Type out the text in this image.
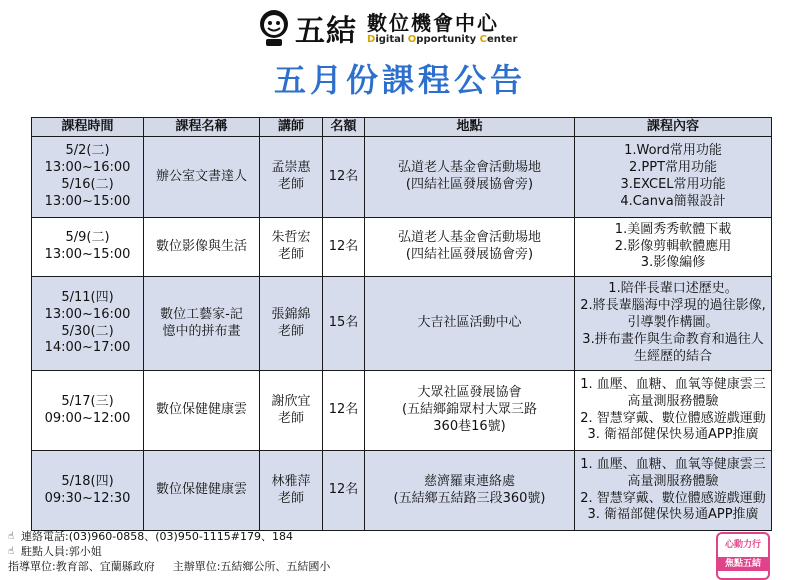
五結 數位機會中心
Digital Opportunity Center
五月份課程公告
課程時間	課程名稱	講師	名額	地點	課程內容

5/2(二)
13:00~16:00
5/16(二)
13:00~15:00	辦公室文書達人	孟崇惠
老師	12名	弘道老人基金會活動場地
(四結社區發展協會旁)	1.Word常用功能
2.PPT常用功能
3.EXCEL常用功能
4.Canva簡報設計

5/9(二)
13:00~15:00	數位影像與生活	朱哲宏
老師	12名	弘道老人基金會活動場地
(四結社區發展協會旁)	1.美圖秀秀軟體下載
2.影像剪輯軟體應用
3.影像編修

5/11(四)
13:00~16:00
5/30(二)
14:00~17:00	數位工藝家-記
憶中的拼布畫	張錦綿
老師	15名	大吉社區活動中心	1.陪伴長輩口述歷史。
2.將長輩腦海中浮現的過往影像,
引導製作構圖。
3.拼布畫作與生命教育和過往人
生經歷的結合

5/17(三)
09:00~12:00	數位保健健康雲	謝欣宜
老師	12名	大眾社區發展協會
(五結鄉錦眾村大眾三路
360巷16號)	1. 血壓、血糖、血氧等健康雲三
高量測服務體驗
2. 智慧穿戴、數位體感遊戲運動
3. 衛福部健保快易通APP推廣

5/18(四)
09:30~12:30	數位保健健康雲	林雅萍
老師	12名	慈濟羅東連絡處
(五結鄉五結路三段360號)	1. 血壓、血糖、血氧等健康雲三
高量測服務體驗
2. 智慧穿戴、數位體感遊戲運動
3. 衛福部健保快易通APP推廣
☝ 連絡電話:(03)960-0858、(03)950-1115#179、184
☝ 駐點人員:郭小姐
指導單位:教育部、宜蘭縣政府 主辦單位:五結鄉公所、五結國小
心動力行
焦點五結
